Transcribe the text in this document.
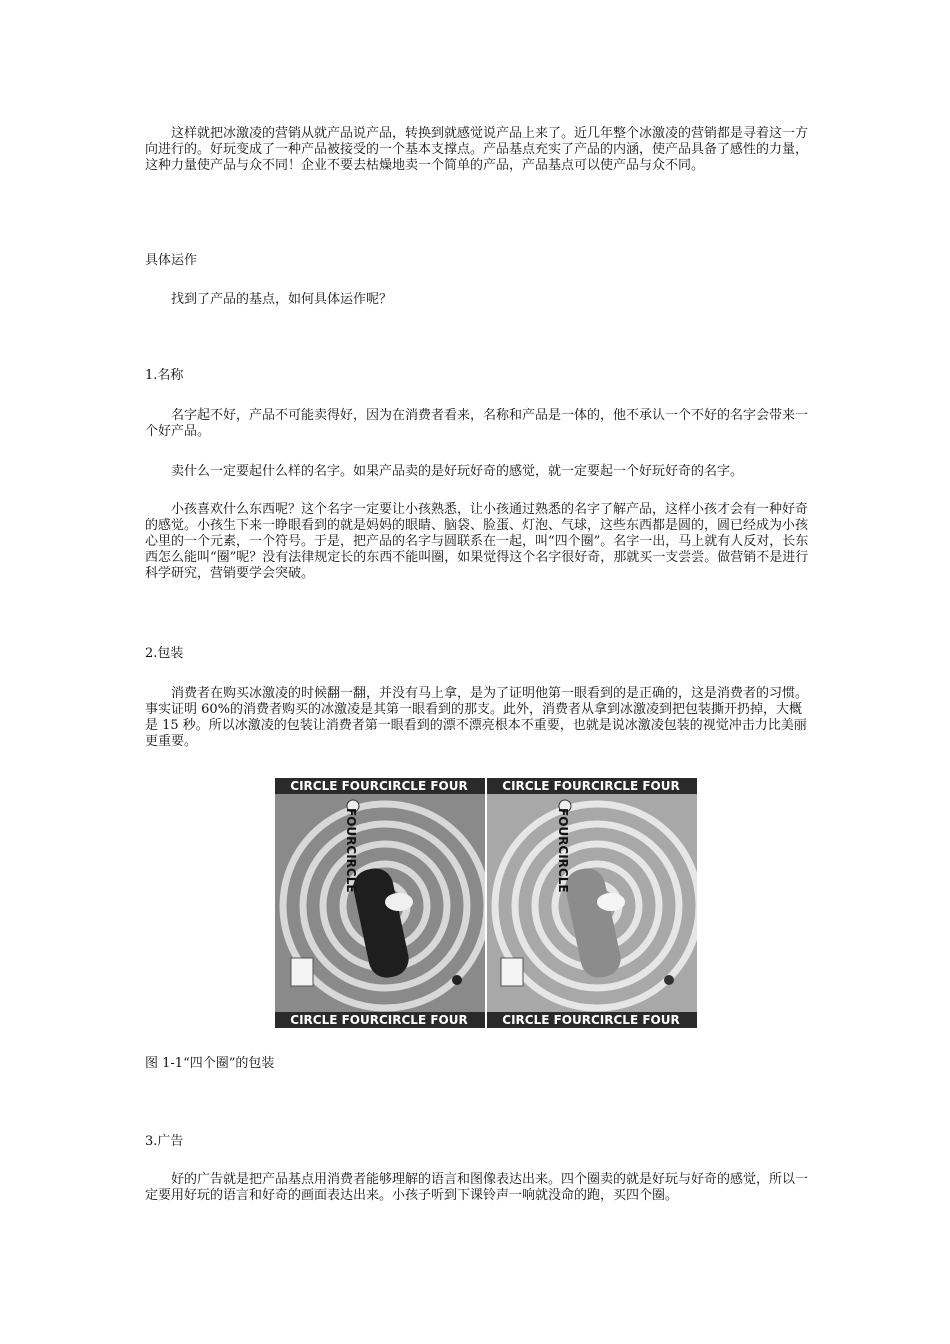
这样就把冰激凌的营销从就产品说产品，转换到就感觉说产品上来了。近几年整个冰激凌的营销都是寻着这一方向进行的。好玩变成了一种产品被接受的一个基本支撑点。产品基点充实了产品的内涵，使产品具备了感性的力量，这种力量使产品与众不同！企业不要去枯燥地卖一个简单的产品，产品基点可以使产品与众不同。

具体运作

找到了产品的基点，如何具体运作呢？

1.名称

名字起不好，产品不可能卖得好，因为在消费者看来，名称和产品是一体的，他不承认一个不好的名字会带来一个好产品。

卖什么一定要起什么样的名字。如果产品卖的是好玩好奇的感觉，就一定要起一个好玩好奇的名字。

小孩喜欢什么东西呢？这个名字一定要让小孩熟悉，让小孩通过熟悉的名字了解产品，这样小孩才会有一种好奇的感觉。小孩生下来一睁眼看到的就是妈妈的眼睛、脑袋、脸蛋、灯泡、气球，这些东西都是圆的，圆已经成为小孩心里的一个元素，一个符号。于是，把产品的名字与圆联系在一起，叫“四个圈”。名字一出，马上就有人反对，长东西怎么能叫“圈”呢？没有法律规定长的东西不能叫圈，如果觉得这个名字很好奇，那就买一支尝尝。做营销不是进行科学研究，营销要学会突破。

2.包装

消费者在购买冰激凌的时候翻一翻，并没有马上拿，是为了证明他第一眼看到的是正确的，这是消费者的习惯。事实证明 60%的消费者购买的冰激凌是其第一眼看到的那支。此外，消费者从拿到冰激凌到把包装撕开扔掉，大概是 15 秒。所以冰激凌的包装让消费者第一眼看到的漂不漂亮根本不重要，也就是说冰激凌包装的视觉冲击力比美丽更重要。

CIRCLE FOURCIRCLE FOUR
CIRCLE FOURCIRCLE FOUR
FOURCIRCLE
CIRCLE FOURCIRCLE FOUR
CIRCLE FOURCIRCLE FOUR
FOURCIRCLE

图 1-1“四个圈”的包装

3.广告

好的广告就是把产品基点用消费者能够理解的语言和图像表达出来。四个圈卖的就是好玩与好奇的感觉，所以一定要用好玩的语言和好奇的画面表达出来。小孩子听到下课铃声一响就没命的跑，买四个圈。
